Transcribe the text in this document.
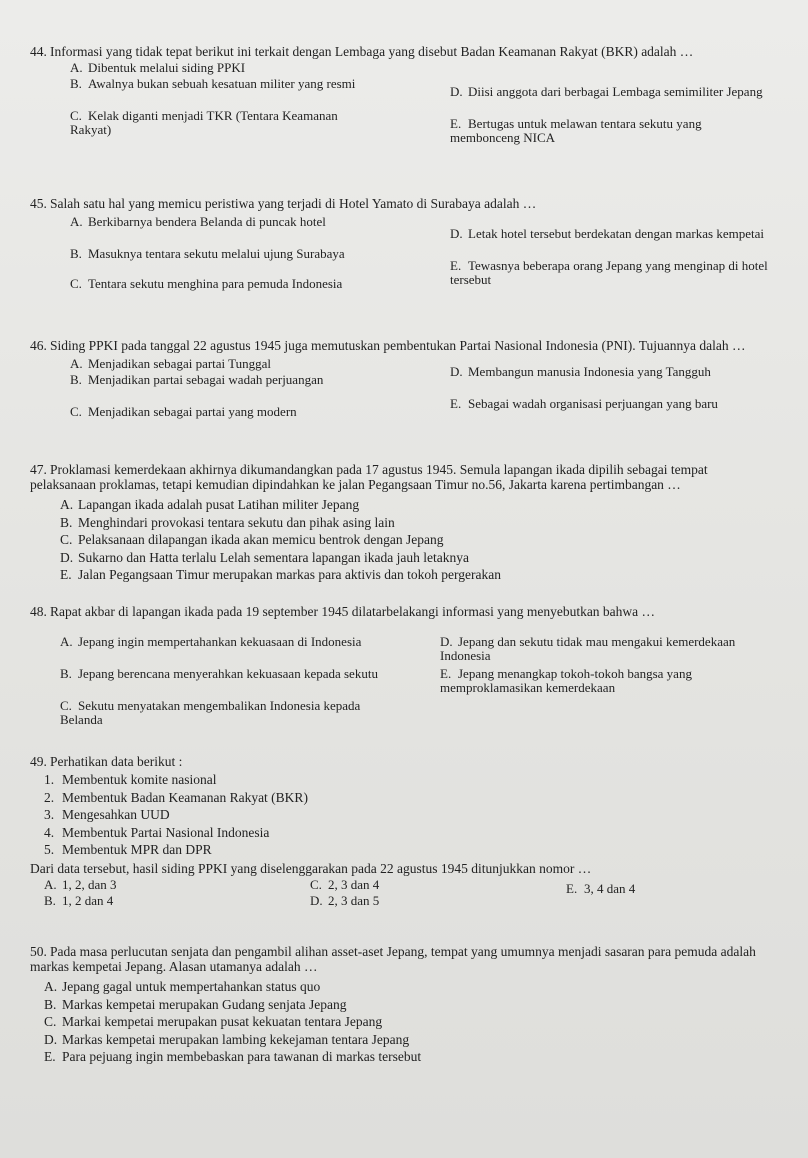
44. Informasi yang tidak tepat berikut ini terkait dengan Lembaga yang disebut Badan Keamanan Rakyat (BKR) adalah …

A. Dibentuk melalui siding PPKI
B. Awalnya bukan sebuah kesatuan militer yang resmi
C. Kelak diganti menjadi TKR (Tentara Keamanan Rakyat)
D. Diisi anggota dari berbagai Lembaga semimiliter Jepang
E. Bertugas untuk melawan tentara sekutu yang membonceng NICA

45. Salah satu hal yang memicu peristiwa yang terjadi di Hotel Yamato di Surabaya adalah …

A. Berkibarnya bendera Belanda di puncak hotel
B. Masuknya tentara sekutu melalui ujung Surabaya
C. Tentara sekutu menghina para pemuda Indonesia
D. Letak hotel tersebut berdekatan dengan markas kempetai
E. Tewasnya beberapa orang Jepang yang menginap di hotel tersebut

46. Siding PPKI pada tanggal 22 agustus 1945 juga memutuskan pembentukan Partai Nasional Indonesia (PNI). Tujuannya dalah …

A. Menjadikan sebagai partai Tunggal
B. Menjadikan partai sebagai wadah perjuangan
C. Menjadikan sebagai partai yang modern
D. Membangun manusia Indonesia yang Tangguh
E. Sebagai wadah organisasi perjuangan yang baru

47. Proklamasi kemerdekaan akhirnya dikumandangkan pada 17 agustus 1945. Semula lapangan ikada dipilih sebagai tempat pelaksanaan proklamas, tetapi kemudian dipindahkan ke jalan Pegangsaan Timur no.56, Jakarta karena pertimbangan …

A. Lapangan ikada adalah pusat Latihan militer Jepang
B. Menghindari provokasi tentara sekutu dan pihak asing lain
C. Pelaksanaan dilapangan ikada akan memicu bentrok dengan Jepang
D. Sukarno dan Hatta terlalu Lelah sementara lapangan ikada jauh letaknya
E. Jalan Pegangsaan Timur merupakan markas para aktivis dan tokoh pergerakan

48. Rapat akbar di lapangan ikada pada 19 september 1945 dilatarbelakangi informasi yang menyebutkan bahwa …

A. Jepang ingin mempertahankan kekuasaan di Indonesia
B. Jepang berencana menyerahkan kekuasaan kepada sekutu
C. Sekutu menyatakan mengembalikan Indonesia kepada Belanda
D. Jepang dan sekutu tidak mau mengakui kemerdekaan Indonesia
E. Jepang menangkap tokoh-tokoh bangsa yang memproklamasikan kemerdekaan

49. Perhatikan data berikut :

1. Membentuk komite nasional
2. Membentuk Badan Keamanan Rakyat (BKR)
3. Mengesahkan UUD
4. Membentuk Partai Nasional Indonesia
5. Membentuk MPR dan DPR

Dari data tersebut, hasil siding PPKI yang diselenggarakan pada 22 agustus 1945 ditunjukkan nomor …

A. 1, 2, dan 3
B. 1, 2 dan 4
C. 2, 3 dan 4
D. 2, 3 dan 5
E. 3, 4 dan 4

50. Pada masa perlucutan senjata dan pengambil alihan asset-aset Jepang, tempat yang umumnya menjadi sasaran para pemuda adalah markas kempetai Jepang. Alasan utamanya adalah …

A. Jepang gagal untuk mempertahankan status quo
B. Markas kempetai merupakan Gudang senjata Jepang
C. Markai kempetai merupakan pusat kekuatan tentara Jepang
D. Markas kempetai merupakan lambing kekejaman tentara Jepang
E. Para pejuang ingin membebaskan para tawanan di markas tersebut
